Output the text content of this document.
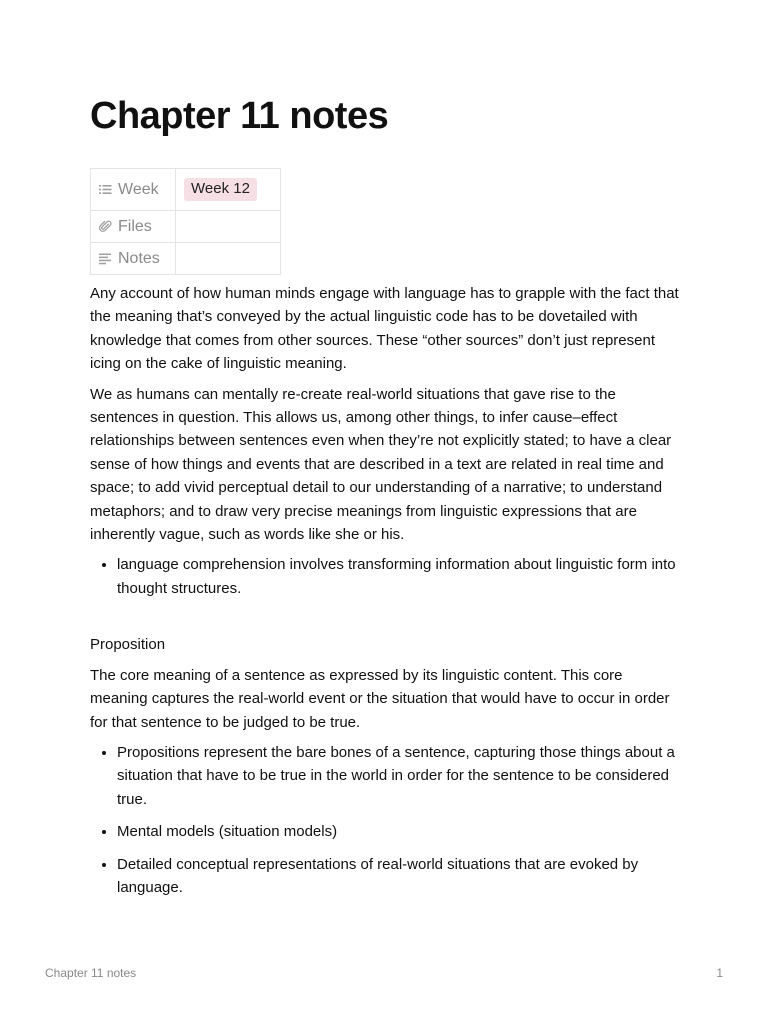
Chapter 11 notes
Week	Week 12
Files	
Notes	

Any account of how human minds engage with language has to grapple with the fact that the meaning that’s conveyed by the actual linguistic code has to be dovetailed with knowledge that comes from other sources. These “other sources” don’t just represent icing on the cake of linguistic meaning.

We as humans can mentally re-create real-world situations that gave rise to the sentences in question. This allows us, among other things, to infer cause–effect relationships between sentences even when they’re not explicitly stated; to have a clear sense of how things and events that are described in a text are related in real time and space; to add vivid perceptual detail to our understanding of a narrative; to understand metaphors; and to draw very precise meanings from linguistic expressions that are inherently vague, such as words like she or his.

• language comprehension involves transforming information about linguistic form into thought structures.

Proposition

The core meaning of a sentence as expressed by its linguistic content. This core meaning captures the real-world event or the situation that would have to occur in order for that sentence to be judged to be true.

• Propositions represent the bare bones of a sentence, capturing those things about a situation that have to be true in the world in order for the sentence to be considered true.
• Mental models (situation models)
• Detailed conceptual representations of real-world situations that are evoked by language.
Chapter 11 notes	1
